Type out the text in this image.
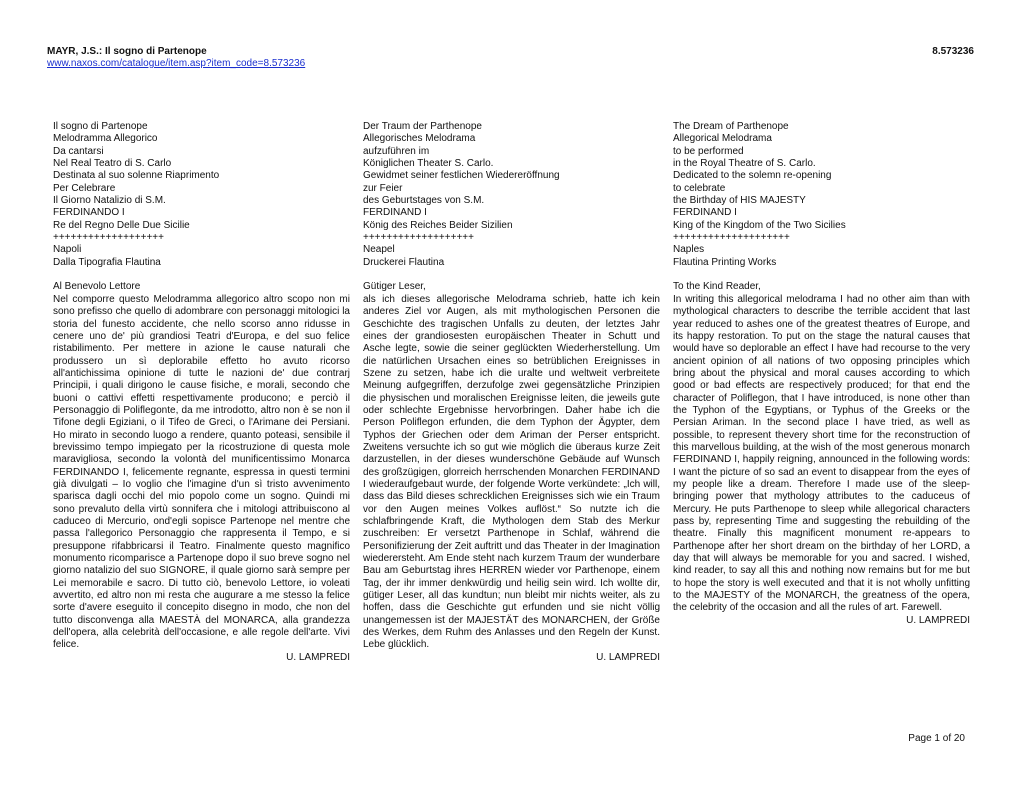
MAYR, J.S.: Il sogno di Partenope	8.573236
www.naxos.com/catalogue/item.asp?item_code=8.573236
Il sogno di Partenope
Melodramma Allegorico
Da cantarsi
Nel Real Teatro di S. Carlo
Destinata al suo solenne Riaprimento
Per Celebrare
Il Giorno Natalizio di S.M.
FERDINANDO I
Re del Regno Delle Due Sicilie
+++++++++++++++++++
Napoli
Dalla Tipografia Flautina
Al Benevolo Lettore
Nel comporre questo Melodramma allegorico altro scopo non mi sono prefisso che quello di adombrare con personaggi mitologici la storia del funesto accidente, che nello scorso anno ridusse in cenere uno de' più grandiosi Teatri d'Europa, e del suo felice ristabilimento. Per mettere in azione le cause naturali che produssero un sì deplorabile effetto ho avuto ricorso all'antichissima opinione di tutte le nazioni de' due contrarj Principii, i quali dirigono le cause fisiche, e morali, secondo che buoni o cattivi effetti respettivamente producono; e perciò il Personaggio di Poliflegonte, da me introdotto, altro non è se non il Tifone degli Egiziani, o il Tifeo de Greci, o l'Arimane dei Persiani. Ho mirato in secondo luogo a rendere, quanto poteasi, sensibile il brevissimo tempo impiegato per la ricostruzione di questa mole maravigliosa, secondo la volontà del munificentissimo Monarca FERDINANDO I, felicemente regnante, espressa in questi termini già divulgati – Io voglio che l'imagine d'un sì tristo avvenimento sparisca dagli occhi del mio popolo come un sogno. Quindi mi sono prevaluto della virtù sonnifera che i mitologi attribuiscono al caduceo di Mercurio, ond'egli sopisce Partenope nel mentre che passa l'allegorico Personaggio che rappresenta il Tempo, e si presuppone rifabbricarsi il Teatro. Finalmente questo magnifico monumento ricomparisce a Partenope dopo il suo breve sogno nel giorno natalizio del suo SIGNORE, il quale giorno sarà sempre per Lei memorabile e sacro. Di tutto ciò, benevolo Lettore, io voleati avvertito, ed altro non mi resta che augurare a me stesso la felice sorte d'avere eseguito il concepito disegno in modo, che non del tutto disconvenga alla MAESTÀ del MONARCA, alla grandezza dell'opera, alla celebrità dell'occasione, e alle regole dell'arte. Vivi felice.
U. LAMPREDI
Der Traum der Parthenope
Allegorisches Melodrama
aufzuführen im
Königlichen Theater S. Carlo.
Gewidmet seiner festlichen Wiedereröffnung
zur Feier
des Geburtstages von S.M.
FERDINAND I
König des Reiches Beider Sizilien
+++++++++++++++++++
Neapel
Druckerei Flautina
Gütiger Leser,
als ich dieses allegorische Melodrama schrieb, hatte ich kein anderes Ziel vor Augen, als mit mythologischen Personen die Geschichte des tragischen Unfalls zu deuten, der letztes Jahr eines der grandiosesten europäischen Theater in Schutt und Asche legte, sowie die seiner geglückten Wiederherstellung. Um die natürlichen Ursachen eines so betrüblichen Ereignisses in Szene zu setzen, habe ich die uralte und weltweit verbreitete Meinung aufgegriffen, derzufolge zwei gegensätzliche Prinzipien die physischen und moralischen Ereignisse leiten, die jeweils gute oder schlechte Ergebnisse hervorbringen. Daher habe ich die Person Poliflegon erfunden, die dem Typhon der Ägypter, dem Typhos der Griechen oder dem Ariman der Perser entspricht. Zweitens versuchte ich so gut wie möglich die überaus kurze Zeit darzustellen, in der dieses wunderschöne Gebäude auf Wunsch des großzügigen, glorreich herrschenden Monarchen FERDINAND I wiederaufgebaut wurde, der folgende Worte verkündete: „Ich will, dass das Bild dieses schrecklichen Ereignisses sich wie ein Traum vor den Augen meines Volkes auflöst.“ So nutzte ich die schlafbringende Kraft, die Mythologen dem Stab des Merkur zuschreiben: Er versetzt Parthenope in Schlaf, während die Personifizierung der Zeit auftritt und das Theater in der Imagination wiederersteht. Am Ende steht nach kurzem Traum der wunderbare Bau am Geburtstag ihres HERREN wieder vor Parthenope, einem Tag, der ihr immer denkwürdig und heilig sein wird. Ich wollte dir, gütiger Leser, all das kundtun; nun bleibt mir nichts weiter, als zu hoffen, dass die Geschichte gut erfunden und sie nicht völlig unangemessen ist der MAJESTÄT des MONARCHEN, der Größe des Werkes, dem Ruhm des Anlasses und den Regeln der Kunst. Lebe glücklich.
U. LAMPREDI
The Dream of Parthenope
Allegorical Melodrama
to be performed
in the Royal Theatre of S. Carlo.
Dedicated to the solemn re-opening
to celebrate
the Birthday of HIS MAJESTY
FERDINAND I
King of the Kingdom of the Two Sicilies
++++++++++++++++++++
Naples
Flautina Printing Works
To the Kind Reader,
In writing this allegorical melodrama I had no other aim than with mythological characters to describe the terrible accident that last year reduced to ashes one of the greatest theatres of Europe, and its happy restoration. To put on the stage the natural causes that would have so deplorable an effect I have had recourse to the very ancient opinion of all nations of two opposing principles which bring about the physical and moral causes according to which good or bad effects are respectively produced; for that end the character of Poliflegon, that I have introduced, is none other than the Typhon of the Egyptians, or Typhus of the Greeks or the Persian Ariman. In the second place I have tried, as well as possible, to represent thevery short time for the reconstruction of this marvellous building, at the wish of the most generous monarch FERDINAND I, happily reigning, announced in the following words: I want the picture of so sad an event to disappear from the eyes of my people like a dream. Therefore I made use of the sleep-bringing power that mythology attributes to the caduceus of Mercury. He puts Parthenope to sleep while allegorical characters pass by, representing Time and suggesting the rebuilding of the theatre. Finally this magnificent monument re-appears to Parthenope after her short dream on the birthday of her LORD, a day that will always be memorable for you and sacred. I wished, kind reader, to say all this and nothing now remains but for me but to hope the story is well executed and that it is not wholly unfitting to the MAJESTY of the MONARCH, the greatness of the opera, the celebrity of the occasion and all the rules of art. Farewell.
U. LAMPREDI
Page 1 of 20
